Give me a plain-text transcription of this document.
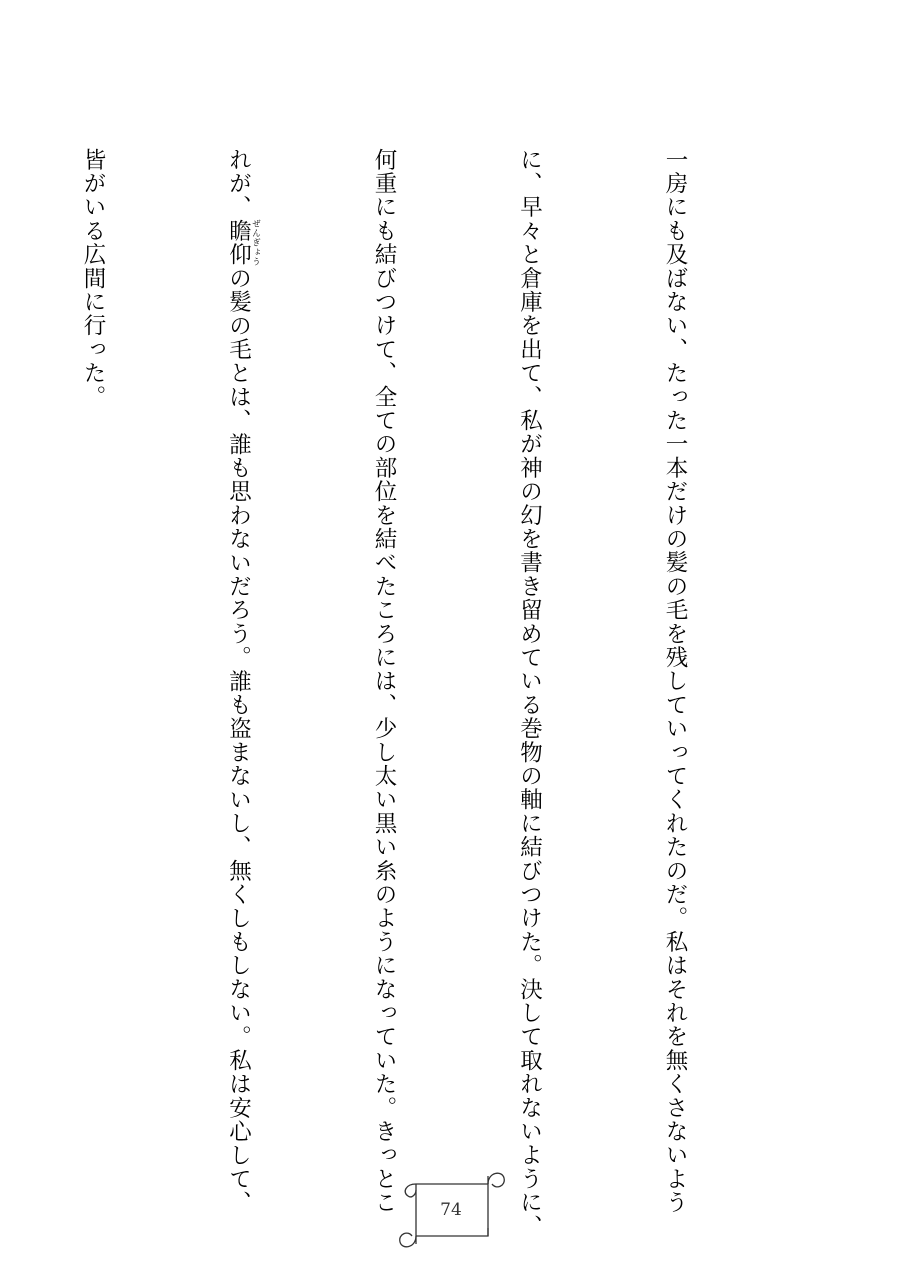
一房にも及ばない、たった一本だけの髪の毛を残していってくれたのだ。私はそれを無くさないよう

に、早々と倉庫を出て、私が神の幻を書き留めている巻物の軸に結びつけた。決して取れないように、

何重にも結びつけて、全ての部位を結べたころには、少し太い黒い糸のようになっていた。きっとこ

れが、瞻仰 ぜんぎょうの髪の毛とは、誰も思わないだろう。誰も盗まないし、無くしもしない。私は安心して、

皆がいる広間に行った。

74
